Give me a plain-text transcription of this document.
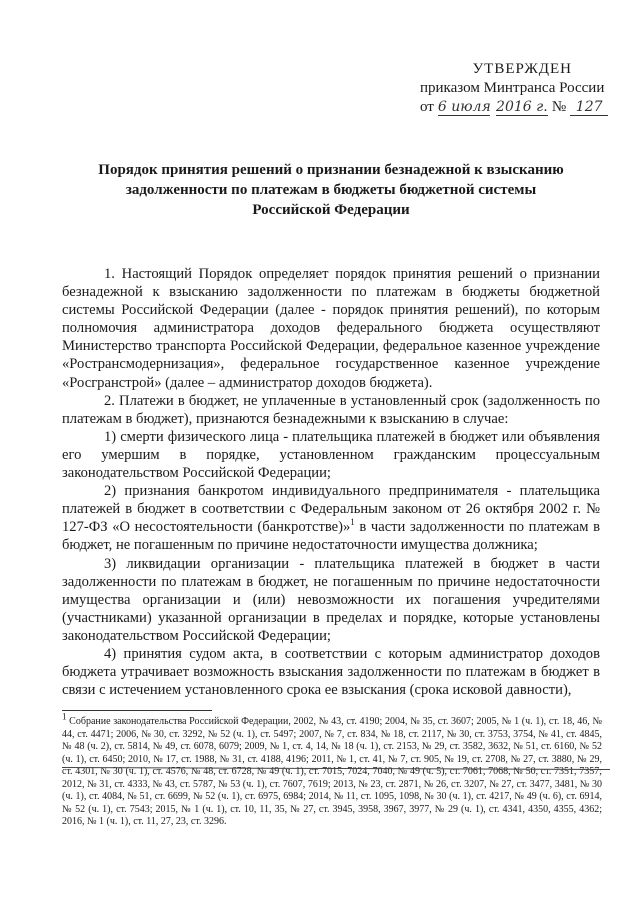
УТВЕРЖДЕН
приказом Минтранса России
от 6 июля 2016 г. № 127
Порядок принятия решений о признании безнадежной к взысканию задолженности по платежам в бюджеты бюджетной системы Российской Федерации

1. Настоящий Порядок определяет порядок принятия решений о признании безнадежной к взысканию задолженности по платежам в бюджеты бюджетной системы Российской Федерации (далее - порядок принятия решений), по которым полномочия администратора доходов федерального бюджета осуществляют Министерство транспорта Российской Федерации, федеральное казенное учреждение «Ространсмодернизация», федеральное государственное казенное учреждение «Росгранстрой» (далее – администратор доходов бюджета).

2. Платежи в бюджет, не уплаченные в установленный срок (задолженность по платежам в бюджет), признаются безнадежными к взысканию в случае:

1) смерти физического лица - плательщика платежей в бюджет или объявления его умершим в порядке, установленном гражданским процессуальным законодательством Российской Федерации;

2) признания банкротом индивидуального предпринимателя - плательщика платежей в бюджет в соответствии с Федеральным законом от 26 октября 2002 г. № 127-ФЗ «О несостоятельности (банкротстве)»$^1$ в части задолженности по платежам в бюджет, не погашенным по причине недостаточности имущества должника;

3) ликвидации организации - плательщика платежей в бюджет в части задолженности по платежам в бюджет, не погашенным по причине недостаточности имущества организации и (или) невозможности их погашения учредителями (участниками) указанной организации в пределах и порядке, которые установлены законодательством Российской Федерации;

4) принятия судом акта, в соответствии с которым администратор доходов бюджета утрачивает возможность взыскания задолженности по платежам в бюджет в связи с истечением установленного срока ее взыскания (срока исковой давности),

$^1$ Собрание законодательства Российской Федерации, 2002, № 43, ст. 4190; 2004, № 35, ст. 3607; 2005, № 1 (ч. 1), ст. 18, 46, № 44, ст. 4471; 2006, № 30, ст. 3292, № 52 (ч. 1), ст. 5497; 2007, № 7, ст. 834, № 18, ст. 2117, № 30, ст. 3753, 3754, № 41, ст. 4845, № 48 (ч. 2), ст. 5814, № 49, ст. 6078, 6079; 2009, № 1, ст. 4, 14, № 18 (ч. 1), ст. 2153, № 29, ст. 3582, 3632, № 51, ст. 6160, № 52 (ч. 1), ст. 6450; 2010, № 17, ст. 1988, № 31, ст. 4188, 4196; 2011, № 1, ст. 41, № 7, ст. 905, № 19, ст. 2708, № 27, ст. 3880, № 29, ст. 4301, № 30 (ч. 1), ст. 4576, № 48, ст. 6728, № 49 (ч. 1), ст. 7015, 7024, 7040, № 49 (ч. 5), ст. 7061, 7068, № 50, ст. 7351, 7357; 2012, № 31, ст. 4333, № 43, ст. 5787, № 53 (ч. 1), ст. 7607, 7619; 2013, № 23, ст. 2871, № 26, ст. 3207, № 27, ст. 3477, 3481, № 30 (ч. 1), ст. 4084, № 51, ст. 6699, № 52 (ч. 1), ст. 6975, 6984; 2014, № 11, ст. 1095, 1098, № 30 (ч. 1), ст. 4217, № 49 (ч. 6), ст. 6914, № 52 (ч. 1), ст. 7543; 2015, № 1 (ч. 1), ст. 10, 11, 35, № 27, ст. 3945, 3958, 3967, 3977, № 29 (ч. 1), ст. 4341, 4350, 4355, 4362; 2016, № 1 (ч. 1), ст. 11, 27, 23, ст. 3296.
